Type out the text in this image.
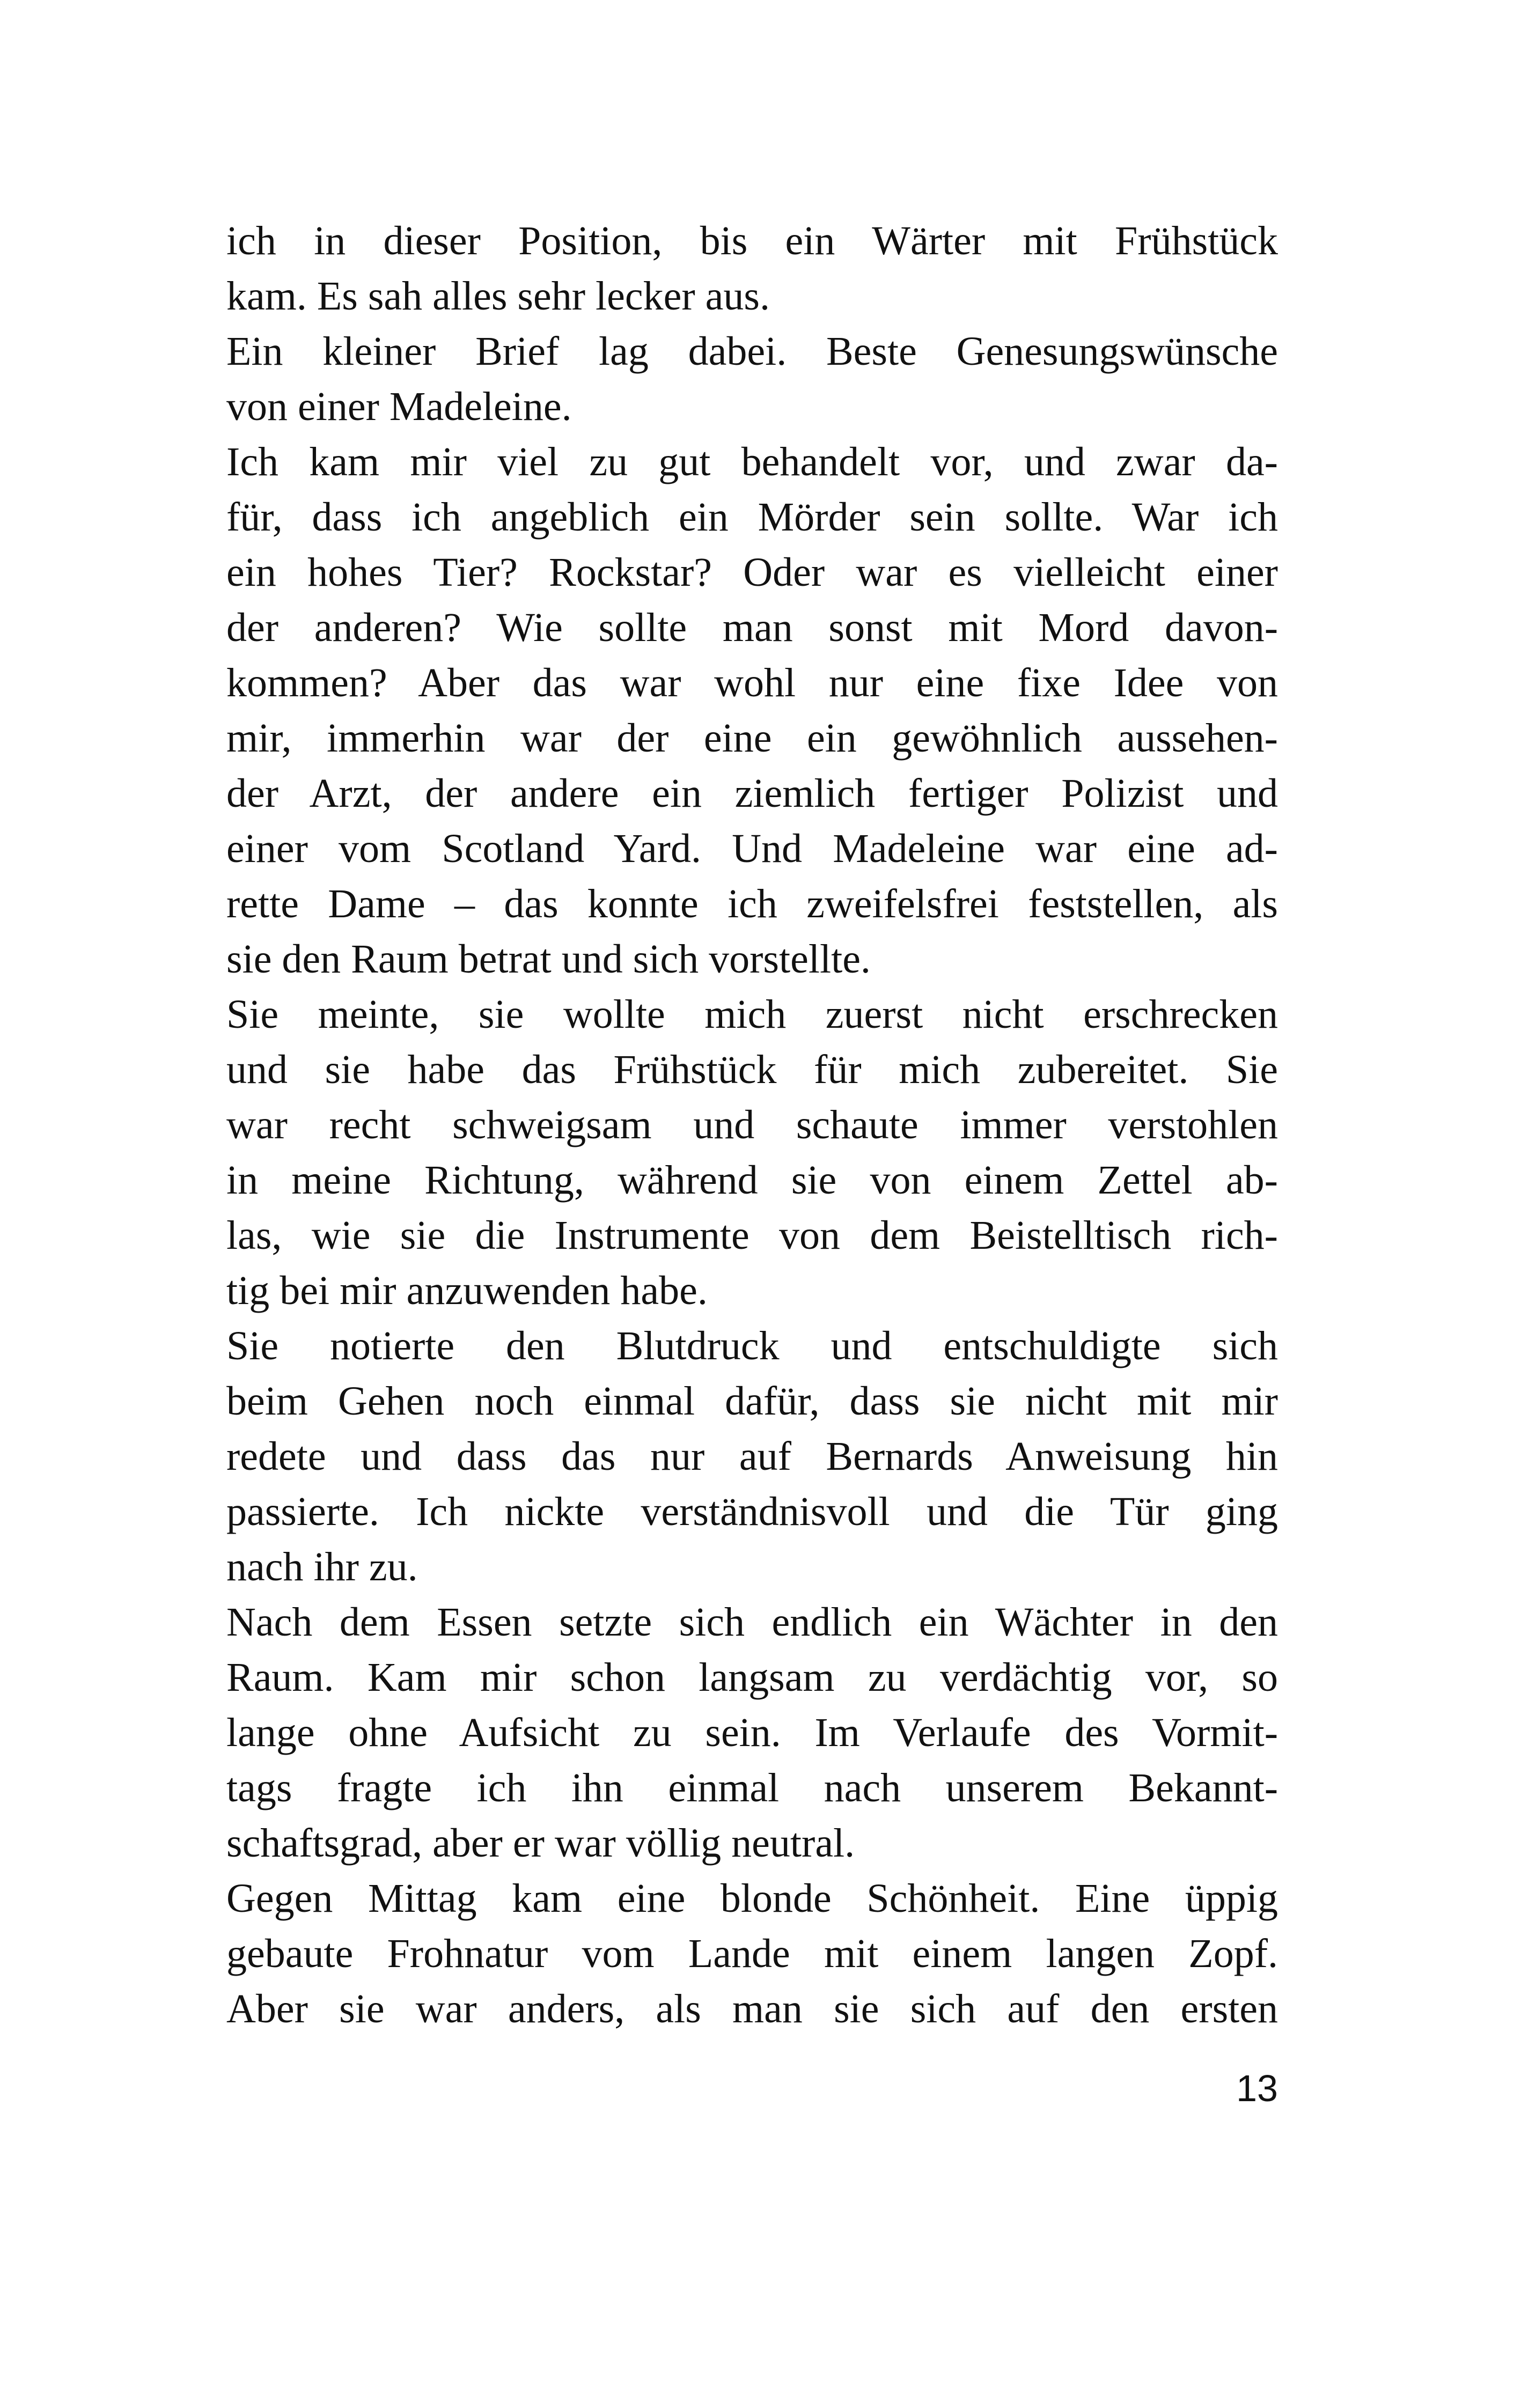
ich in dieser Position, bis ein Wärter mit Frühstück
kam. Es sah alles sehr lecker aus.
Ein kleiner Brief lag dabei. Beste Genesungswünsche
von einer Madeleine.
Ich kam mir viel zu gut behandelt vor, und zwar da-
für, dass ich angeblich ein Mörder sein sollte. War ich
ein hohes Tier? Rockstar? Oder war es vielleicht einer
der anderen? Wie sollte man sonst mit Mord davon-
kommen? Aber das war wohl nur eine fixe Idee von
mir, immerhin war der eine ein gewöhnlich aussehen-
der Arzt, der andere ein ziemlich fertiger Polizist und
einer vom Scotland Yard. Und Madeleine war eine ad-
rette Dame – das konnte ich zweifelsfrei feststellen, als
sie den Raum betrat und sich vorstellte.
Sie meinte, sie wollte mich zuerst nicht erschrecken
und sie habe das Frühstück für mich zubereitet. Sie
war recht schweigsam und schaute immer verstohlen
in meine Richtung, während sie von einem Zettel ab-
las, wie sie die Instrumente von dem Beistelltisch rich-
tig bei mir anzuwenden habe.
Sie notierte den Blutdruck und entschuldigte sich
beim Gehen noch einmal dafür, dass sie nicht mit mir
redete und dass das nur auf Bernards Anweisung hin
passierte. Ich nickte verständnisvoll und die Tür ging
nach ihr zu.
Nach dem Essen setzte sich endlich ein Wächter in den
Raum. Kam mir schon langsam zu verdächtig vor, so
lange ohne Aufsicht zu sein. Im Verlaufe des Vormit-
tags fragte ich ihn einmal nach unserem Bekannt-
schaftsgrad, aber er war völlig neutral.
Gegen Mittag kam eine blonde Schönheit. Eine üppig
gebaute Frohnatur vom Lande mit einem langen Zopf.
Aber sie war anders, als man sie sich auf den ersten
13
